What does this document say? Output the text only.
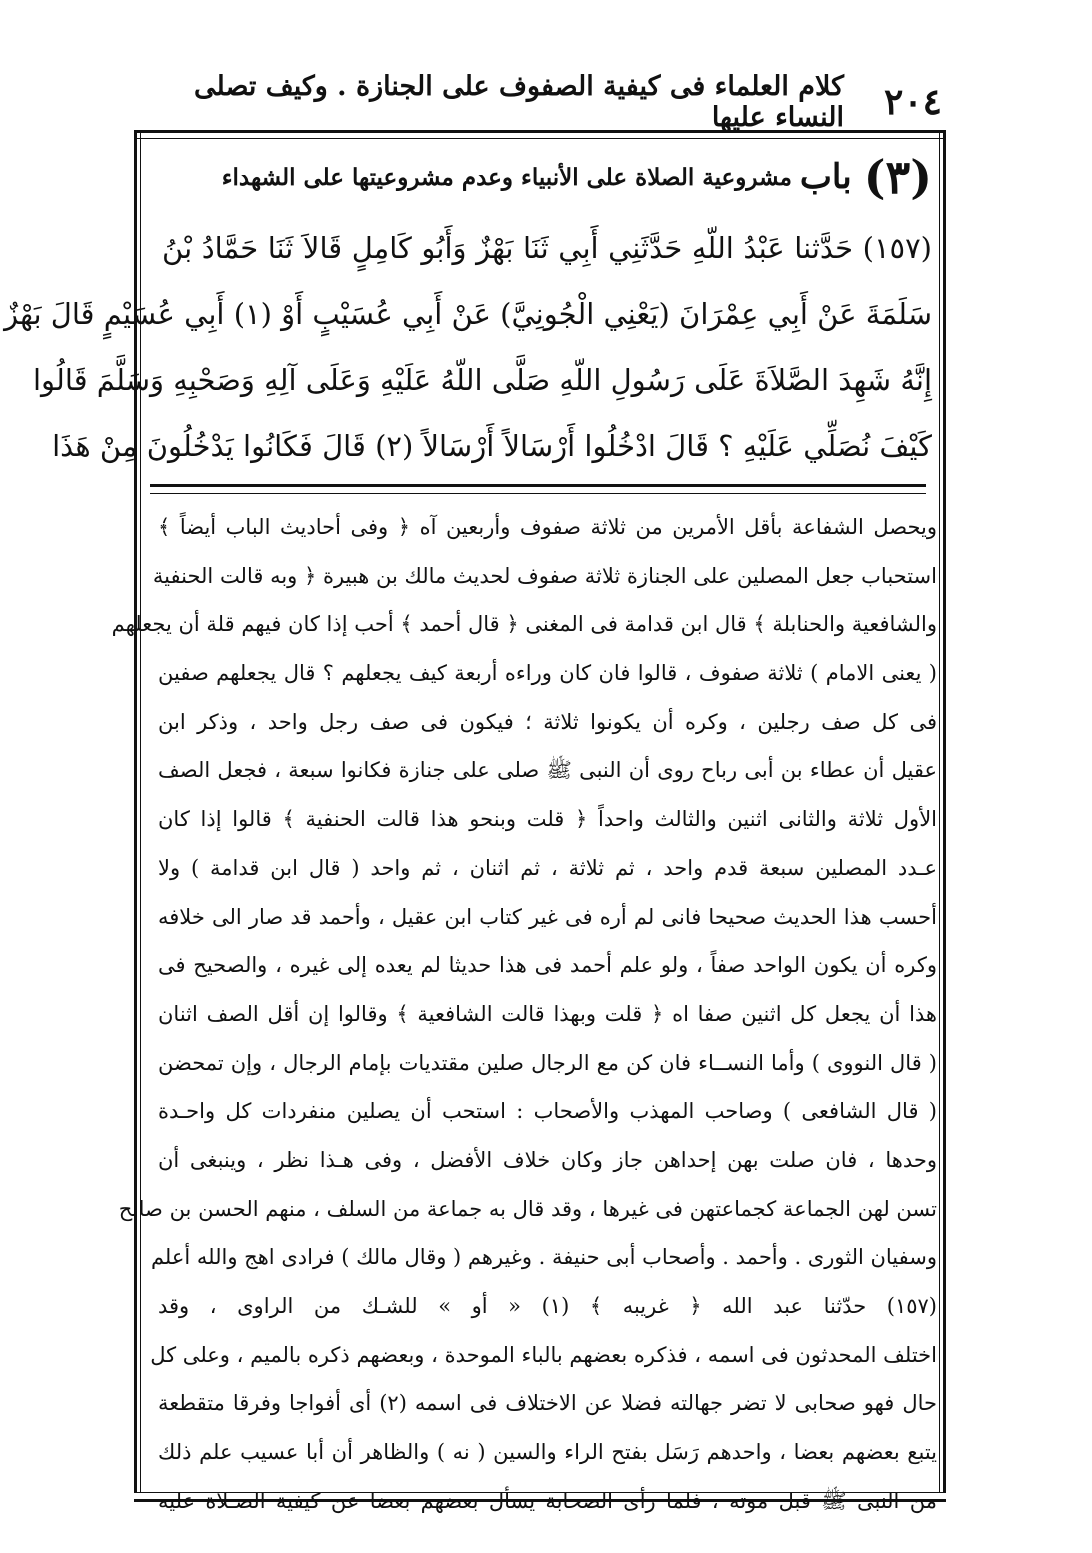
٢٠٤
كلام العلماء فى كيفية الصفوف على الجنازة . وكيف تصلى النساء عليها
(٣)
باب
مشروعية الصلاة على الأنبياء وعدم مشروعيتها على الشهداء
(١٥٧) حَدَّثنا عَبْدُ اللّهِ حَدَّثَنِي أَبِي ثَنَا بَهْزٌ وَأَبُو كَامِلٍ قَالاَ ثَنَا حَمَّادُ بْنُ
سَلَمَةَ عَنْ أَبِي عِمْرَانَ (يَعْنِي الْجُونِيَّ) عَنْ أَبِي عُسَيْبٍ أَوْ (١) أَبِي عُسَيْمٍ قَالَ بَهْزٌ
إِنَّهُ شَهِدَ الصَّلاَةَ عَلَى رَسُولِ اللّهِ صَلَّى اللّهُ عَلَيْهِ وَعَلَى آلِهِ وَصَحْبِهِ وَسَلَّمَ قَالُوا
كَيْفَ نُصَلِّي عَلَيْهِ ؟ قَالَ ادْخُلُوا أَرْسَالاً أَرْسَالاً (٢) قَالَ فَكَانُوا يَدْخُلُونَ مِنْ هَذَا
ويحصل الشفاعة بأقل الأمرين من ثلاثة صفوف وأربعين آه ﴿ وفى أحاديث الباب أيضاً ﴾
استحباب جعل المصلين على الجنازة ثلاثة صفوف لحديث مالك بن هبيرة ﴿ وبه قالت الحنفية
والشافعية والحنابلة ﴾ قال ابن قدامة فى المغنى ﴿ قال أحمد ﴾ أحب إذا كان فيهم قلة أن يجعلهم
( يعنى الامام ) ثلاثة صفوف ، قالوا فان كان وراءه أربعة كيف يجعلهم ؟ قال يجعلهم صفين
فى كل صف رجلين ، وكره أن يكونوا ثلاثة ؛ فيكون فى صف رجل واحد ، وذكر ابن
عقيل أن عطاء بن أبى رباح روى أن النبى ﷺ صلى على جنازة فكانوا سبعة ، فجعل الصف
الأول ثلاثة والثانى اثنين والثالث واحداً ﴿ قلت وبنحو هذا قالت الحنفية ﴾ قالوا إذا كان
عـدد المصلين سبعة قدم واحد ، ثم ثلاثة ، ثم اثنان ، ثم واحد ( قال ابن قدامة ) ولا
أحسب هذا الحديث صحيحا فانى لم أره فى غير كتاب ابن عقيل ، وأحمد قد صار الى خلافه
وكره أن يكون الواحد صفاً ، ولو علم أحمد فى هذا حديثا لم يعده إلى غيره ، والصحيح فى
هذا أن يجعل كل اثنين صفا اه ﴿ قلت وبهذا قالت الشافعية ﴾ وقالوا إن أقل الصف اثنان
( قال النووى ) وأما النســاء فان كن مع الرجال صلين مقتديات بإمام الرجال ، وإن تمحضن
( قال الشافعى ) وصاحب المهذب والأصحاب : استحب أن يصلين منفردات كل واحـدة
وحدها ، فان صلت بهن إحداهن جاز وكان خلاف الأفضل ، وفى هـذا نظر ، وينبغى أن
تسن لهن الجماعة كجماعتهن فى غيرها ، وقد قال به جماعة من السلف ، منهم الحسن بن صالح
وسفيان الثورى . وأحمد . وأصحاب أبى حنيفة . وغيرهم ( وقال مالك ) فرادى اهج والله أعلم
(١٥٧) حدّثنا عبد الله ﴿ غريبه ﴾ (١) « أو » للشـك من الراوى ، وقد
اختلف المحدثون فى اسمه ، فذكره بعضهم بالباء الموحدة ، وبعضهم ذكره بالميم ، وعلى كل
حال فهو صحابى لا تضر جهالته فضلا عن الاختلاف فى اسمه (٢) أى أفواجا وفرقا متقطعة
يتبع بعضهم بعضا ، واحدهم رَسَل بفتح الراء والسين ( نه ) والظاهر أن أبا عسيب علم ذلك
من النبى ﷺ قبل موته ، فلما رأى الصحابة يسأل بعضهم بعضا عن كيفية الصـلاة عليه
